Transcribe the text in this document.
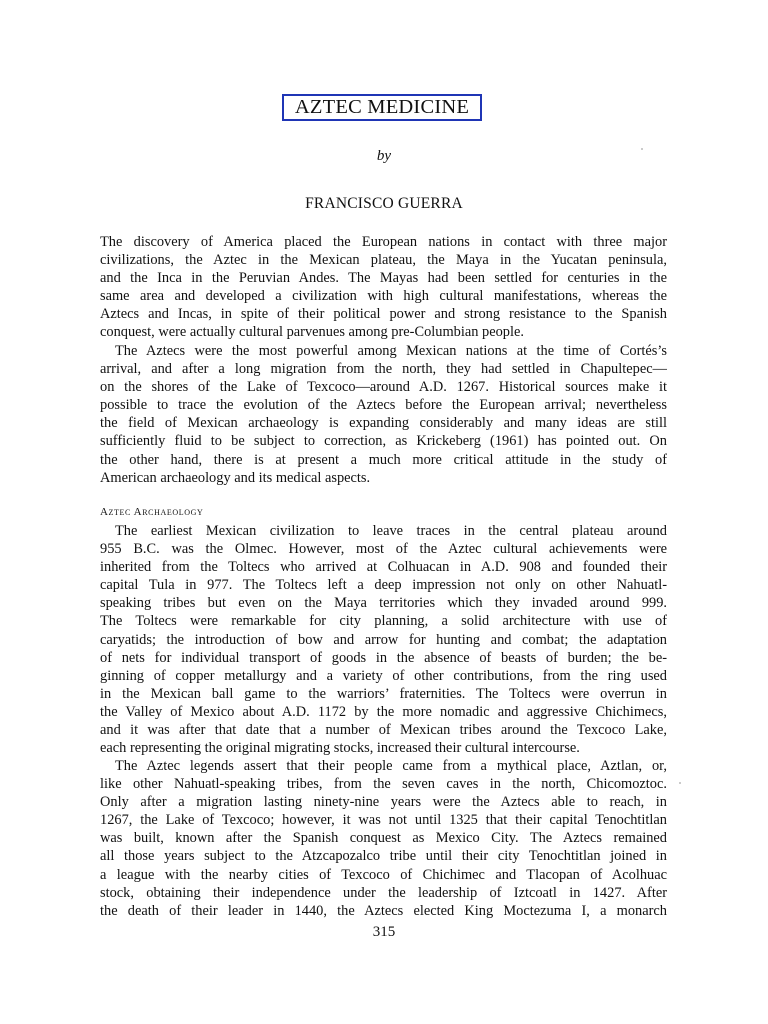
AZTEC MEDICINE
by
FRANCISCO GUERRA
The discovery of America placed the European nations in contact with three major
civilizations, the Aztec in the Mexican plateau, the Maya in the Yucatan peninsula,
and the Inca in the Peruvian Andes. The Mayas had been settled for centuries in the
same area and developed a civilization with high cultural manifestations, whereas the
Aztecs and Incas, in spite of their political power and strong resistance to the Spanish
conquest, were actually cultural parvenues among pre-Columbian people.
The Aztecs were the most powerful among Mexican nations at the time of Cortés’s
arrival, and after a long migration from the north, they had settled in Chapultepec—
on the shores of the Lake of Texcoco—around A.D. 1267. Historical sources make it
possible to trace the evolution of the Aztecs before the European arrival; nevertheless
the field of Mexican archaeology is expanding considerably and many ideas are still
sufficiently fluid to be subject to correction, as Krickeberg (1961) has pointed out. On
the other hand, there is at present a much more critical attitude in the study of
American archaeology and its medical aspects.
Aztec Archaeology
The earliest Mexican civilization to leave traces in the central plateau around
955 B.C. was the Olmec. However, most of the Aztec cultural achievements were
inherited from the Toltecs who arrived at Colhuacan in A.D. 908 and founded their
capital Tula in 977. The Toltecs left a deep impression not only on other Nahuatl-
speaking tribes but even on the Maya territories which they invaded around 999.
The Toltecs were remarkable for city planning, a solid architecture with use of
caryatids; the introduction of bow and arrow for hunting and combat; the adaptation
of nets for individual transport of goods in the absence of beasts of burden; the be-
ginning of copper metallurgy and a variety of other contributions, from the ring used
in the Mexican ball game to the warriors’ fraternities. The Toltecs were overrun in
the Valley of Mexico about A.D. 1172 by the more nomadic and aggressive Chichimecs,
and it was after that date that a number of Mexican tribes around the Texcoco Lake,
each representing the original migrating stocks, increased their cultural intercourse.
The Aztec legends assert that their people came from a mythical place, Aztlan, or,
like other Nahuatl-speaking tribes, from the seven caves in the north, Chicomoztoc.
Only after a migration lasting ninety-nine years were the Aztecs able to reach, in
1267, the Lake of Texcoco; however, it was not until 1325 that their capital Tenochtitlan
was built, known after the Spanish conquest as Mexico City. The Aztecs remained
all those years subject to the Atzcapozalco tribe until their city Tenochtitlan joined in
a league with the nearby cities of Texcoco of Chichimec and Tlacopan of Acolhuac
stock, obtaining their independence under the leadership of Iztcoatl in 1427. After
the death of their leader in 1440, the Aztecs elected King Moctezuma I, a monarch
315
